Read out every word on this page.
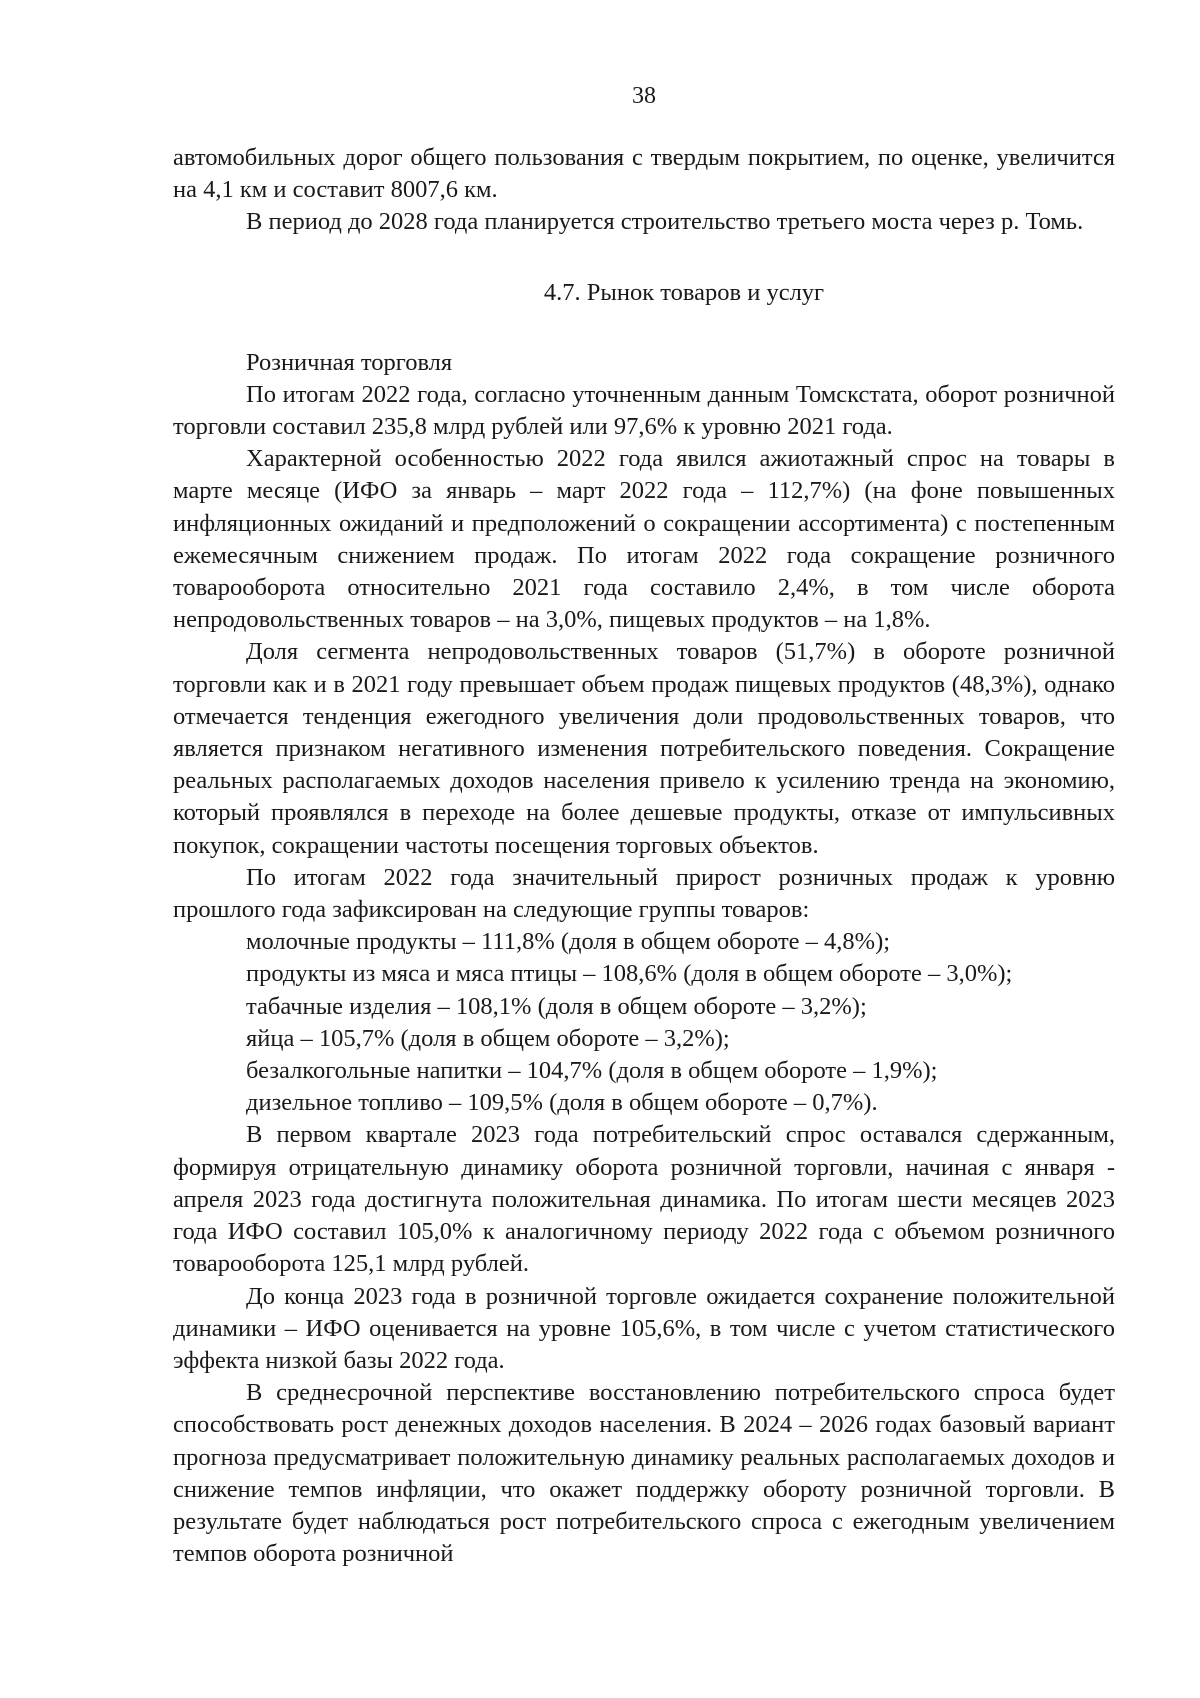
38

автомобильных дорог общего пользования с твердым покрытием, по оценке, увеличится на 4,1 км и составит 8007,6 км.

В период до 2028 года планируется строительство третьего моста через р. Томь.

4.7. Рынок товаров и услуг
Розничная торговля

По итогам 2022 года, согласно уточненным данным Томскстата, оборот розничной торговли составил 235,8 млрд рублей или 97,6% к уровню 2021 года.

Характерной особенностью 2022 года явился ажиотажный спрос на товары в марте месяце (ИФО за январь – март 2022 года – 112,7%) (на фоне повышенных инфляционных ожиданий и предположений о сокращении ассортимента) с постепенным ежемесячным снижением продаж. По итогам 2022 года сокращение розничного товарооборота относительно 2021 года составило 2,4%, в том числе оборота непродовольственных товаров – на 3,0%, пищевых продуктов – на 1,8%.

Доля сегмента непродовольственных товаров (51,7%) в обороте розничной торговли как и в 2021 году превышает объем продаж пищевых продуктов (48,3%), однако отмечается тенденция ежегодного увеличения доли продовольственных товаров, что является признаком негативного изменения потребительского поведения. Сокращение реальных располагаемых доходов населения привело к усилению тренда на экономию, который проявлялся в переходе на более дешевые продукты, отказе от импульсивных покупок, сокращении частоты посещения торговых объектов.

По итогам 2022 года значительный прирост розничных продаж к уровню прошлого года зафиксирован на следующие группы товаров:

молочные продукты – 111,8% (доля в общем обороте – 4,8%);

продукты из мяса и мяса птицы – 108,6% (доля в общем обороте – 3,0%);

табачные изделия – 108,1% (доля в общем обороте – 3,2%);

яйца – 105,7% (доля в общем обороте – 3,2%);

безалкогольные напитки – 104,7% (доля в общем обороте – 1,9%);

дизельное топливо – 109,5% (доля в общем обороте – 0,7%).

В первом квартале 2023 года потребительский спрос оставался сдержанным, формируя отрицательную динамику оборота розничной торговли, начиная с января - апреля 2023 года достигнута положительная динамика. По итогам шести месяцев 2023 года ИФО составил 105,0% к аналогичному периоду 2022 года с объемом розничного товарооборота 125,1 млрд рублей.

До конца 2023 года в розничной торговле ожидается сохранение положительной динамики – ИФО оценивается на уровне 105,6%, в том числе с учетом статистического эффекта низкой базы 2022 года.

В среднесрочной перспективе восстановлению потребительского спроса будет способствовать рост денежных доходов населения. В 2024 – 2026 годах базовый вариант прогноза предусматривает положительную динамику реальных располагаемых доходов и снижение темпов инфляции, что окажет поддержку обороту розничной торговли. В результате будет наблюдаться рост потребительского спроса с ежегодным увеличением темпов оборота розничной
